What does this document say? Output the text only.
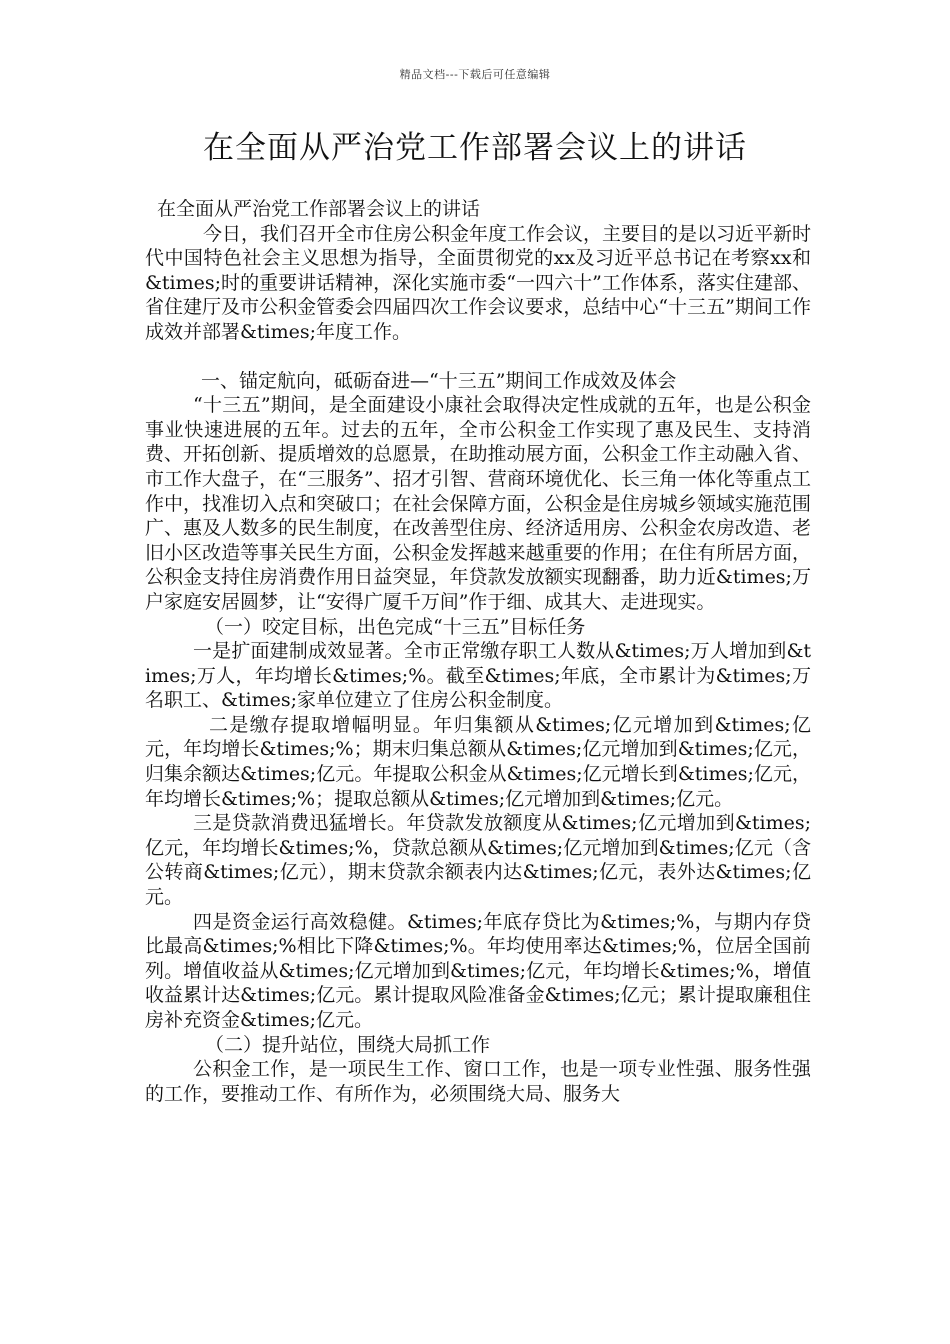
精品文档---下载后可任意编辑
在全面从严治党工作部署会议上的讲话

在全面从严治党工作部署会议上的讲话

今日，我们召开全市住房公积金年度工作会议，主要目的是以习近平新时代中国特色社会主义思想为指导，全面贯彻党的xx及习近平总书记在考察xx和&times;时的重要讲话精神，深化实施市委“一四六十”工作体系，落实住建部、省住建厅及市公积金管委会四届四次工作会议要求，总结中心“十三五”期间工作成效并部署&times;年度工作。

一、锚定航向，砥砺奋进—“十三五”期间工作成效及体会

“十三五”期间，是全面建设小康社会取得决定性成就的五年，也是公积金事业快速进展的五年。过去的五年，全市公积金工作实现了惠及民生、支持消费、开拓创新、提质增效的总愿景，在助推动展方面，公积金工作主动融入省、市工作大盘子，在“三服务”、招才引智、营商环境优化、长三角一体化等重点工作中，找准切入点和突破口；在社会保障方面，公积金是住房城乡领域实施范围广、惠及人数多的民生制度，在改善型住房、经济适用房、公积金农房改造、老旧小区改造等事关民生方面，公积金发挥越来越重要的作用；在住有所居方面，公积金支持住房消费作用日益突显，年贷款发放额实现翻番，助力近&times;万户家庭安居圆梦，让“安得广厦千万间”作于细、成其大、走进现实。

（一）咬定目标，出色完成“十三五”目标任务

一是扩面建制成效显著。全市正常缴存职工人数从&times;万人增加到&times;万人，年均增长&times;%。截至&times;年底，全市累计为&times;万名职工、&times;家单位建立了住房公积金制度。

二是缴存提取增幅明显。年归集额从&times;亿元增加到&times;亿元，年均增长&times;%；期末归集总额从&times;亿元增加到&times;亿元，归集余额达&times;亿元。年提取公积金从&times;亿元增长到&times;亿元，年均增长&times;%；提取总额从&times;亿元增加到&times;亿元。

三是贷款消费迅猛增长。年贷款发放额度从&times;亿元增加到&times;亿元，年均增长&times;%，贷款总额从&times;亿元增加到&times;亿元（含公转商&times;亿元），期末贷款余额表内达&times;亿元，表外达&times;亿元。

四是资金运行高效稳健。&times;年底存贷比为&times;%，与期内存贷比最高&times;%相比下降&times;%。年均使用率达&times;%，位居全国前列。增值收益从&times;亿元增加到&times;亿元，年均增长&times;%，增值收益累计达&times;亿元。累计提取风险准备金&times;亿元；累计提取廉租住房补充资金&times;亿元。

（二）提升站位，围绕大局抓工作

公积金工作，是一项民生工作、窗口工作，也是一项专业性强、服务性强的工作，要推动工作、有所作为，必须围绕大局、服务大
